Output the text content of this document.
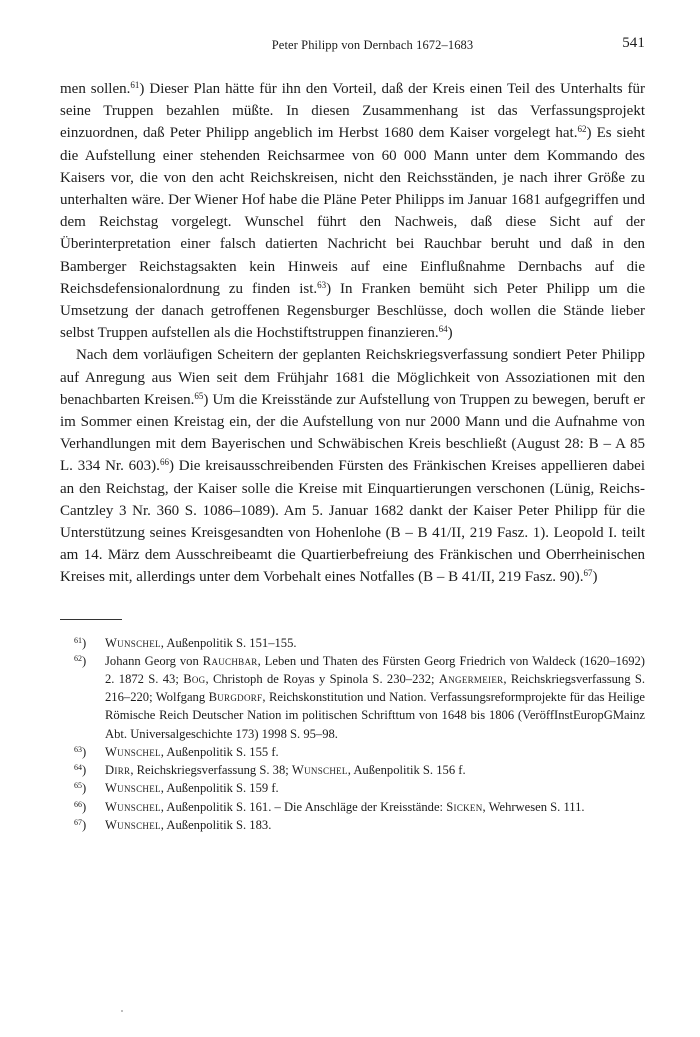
Peter Philipp von Dernbach 1672–1683	541

men sollen.$^{61}$) Dieser Plan hätte für ihn den Vorteil, daß der Kreis einen Teil des Unterhalts für seine Truppen bezahlen müßte. In diesen Zusammenhang ist das Verfassungsprojekt einzuordnen, daß Peter Philipp angeblich im Herbst 1680 dem Kaiser vorgelegt hat.$^{62}$) Es sieht die Aufstellung einer stehenden Reichsarmee von 60 000 Mann unter dem Kommando des Kaisers vor, die von den acht Reichskreisen, nicht den Reichsständen, je nach ihrer Größe zu unterhalten wäre. Der Wiener Hof habe die Pläne Peter Philipps im Januar 1681 aufgegriffen und dem Reichstag vorgelegt. Wunschel führt den Nachweis, daß diese Sicht auf der Überinterpretation einer falsch datierten Nachricht bei Rauchbar beruht und daß in den Bamberger Reichstagsakten kein Hinweis auf eine Einflußnahme Dernbachs auf die Reichsdefensionalordnung zu finden ist.$^{63}$) In Franken bemüht sich Peter Philipp um die Umsetzung der danach getroffenen Regensburger Beschlüsse, doch wollen die Stände lieber selbst Truppen aufstellen als die Hochstiftstruppen finanzieren.$^{64}$)

Nach dem vorläufigen Scheitern der geplanten Reichskriegsverfassung sondiert Peter Philipp auf Anregung aus Wien seit dem Frühjahr 1681 die Möglichkeit von Assoziationen mit den benachbarten Kreisen.$^{65}$) Um die Kreisstände zur Aufstellung von Truppen zu bewegen, beruft er im Sommer einen Kreistag ein, der die Aufstellung von nur 2000 Mann und die Aufnahme von Verhandlungen mit dem Bayerischen und Schwäbischen Kreis beschließt (August 28: B – A 85 L. 334 Nr. 603).$^{66}$) Die kreisausschreibenden Fürsten des Fränkischen Kreises appellieren dabei an den Reichstag, der Kaiser solle die Kreise mit Einquartierungen verschonen (Lünig, Reichs-Cantzley 3 Nr. 360 S. 1086–1089). Am 5. Januar 1682 dankt der Kaiser Peter Philipp für die Unterstützung seines Kreisgesandten von Hohenlohe (B – B 41/II, 219 Fasz. 1). Leopold I. teilt am 14. März dem Ausschreibeamt die Quartierbefreiung des Fränkischen und Oberrheinischen Kreises mit, allerdings unter dem Vorbehalt eines Notfalles (B – B 41/II, 219 Fasz. 90).$^{67}$)

$^{61}$) Wunschel, Außenpolitik S. 151–155.
$^{62}$) Johann Georg von Rauchbar, Leben und Thaten des Fürsten Georg Friedrich von Waldeck (1620–1692) 2. 1872 S. 43; Bog, Christoph de Royas y Spinola S. 230–232; Angermeier, Reichskriegsverfassung S. 216–220; Wolfgang Burgdorf, Reichskonstitution und Nation. Verfassungsreformprojekte für das Heilige Römische Reich Deutscher Nation im politischen Schrifttum von 1648 bis 1806 (VeröffInstEuropGMainz Abt. Universalgeschichte 173) 1998 S. 95–98.
$^{63}$) Wunschel, Außenpolitik S. 155 f.
$^{64}$) Dirr, Reichskriegsverfassung S. 38; Wunschel, Außenpolitik S. 156 f.
$^{65}$) Wunschel, Außenpolitik S. 159 f.
$^{66}$) Wunschel, Außenpolitik S. 161. – Die Anschläge der Kreisstände: Sicken, Wehrwesen S. 111.
$^{67}$) Wunschel, Außenpolitik S. 183.
